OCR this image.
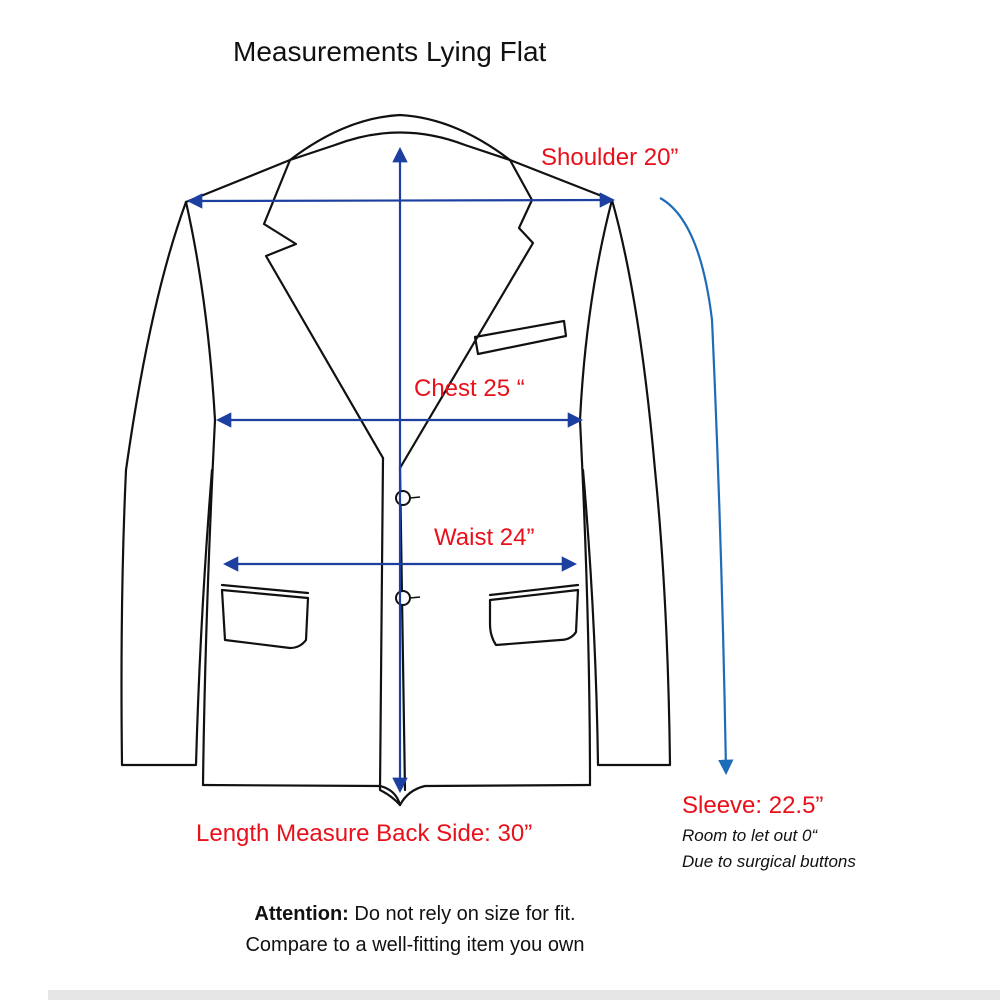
Measurements Lying Flat
Shoulder 20”
Chest 25 “
Waist 24”
Sleeve: 22.5”
Length Measure Back Side: 30”	Room to let out 0“
Due to surgical buttons
Attention: Do not rely on size for fit.
Compare to a well-fitting item you own
